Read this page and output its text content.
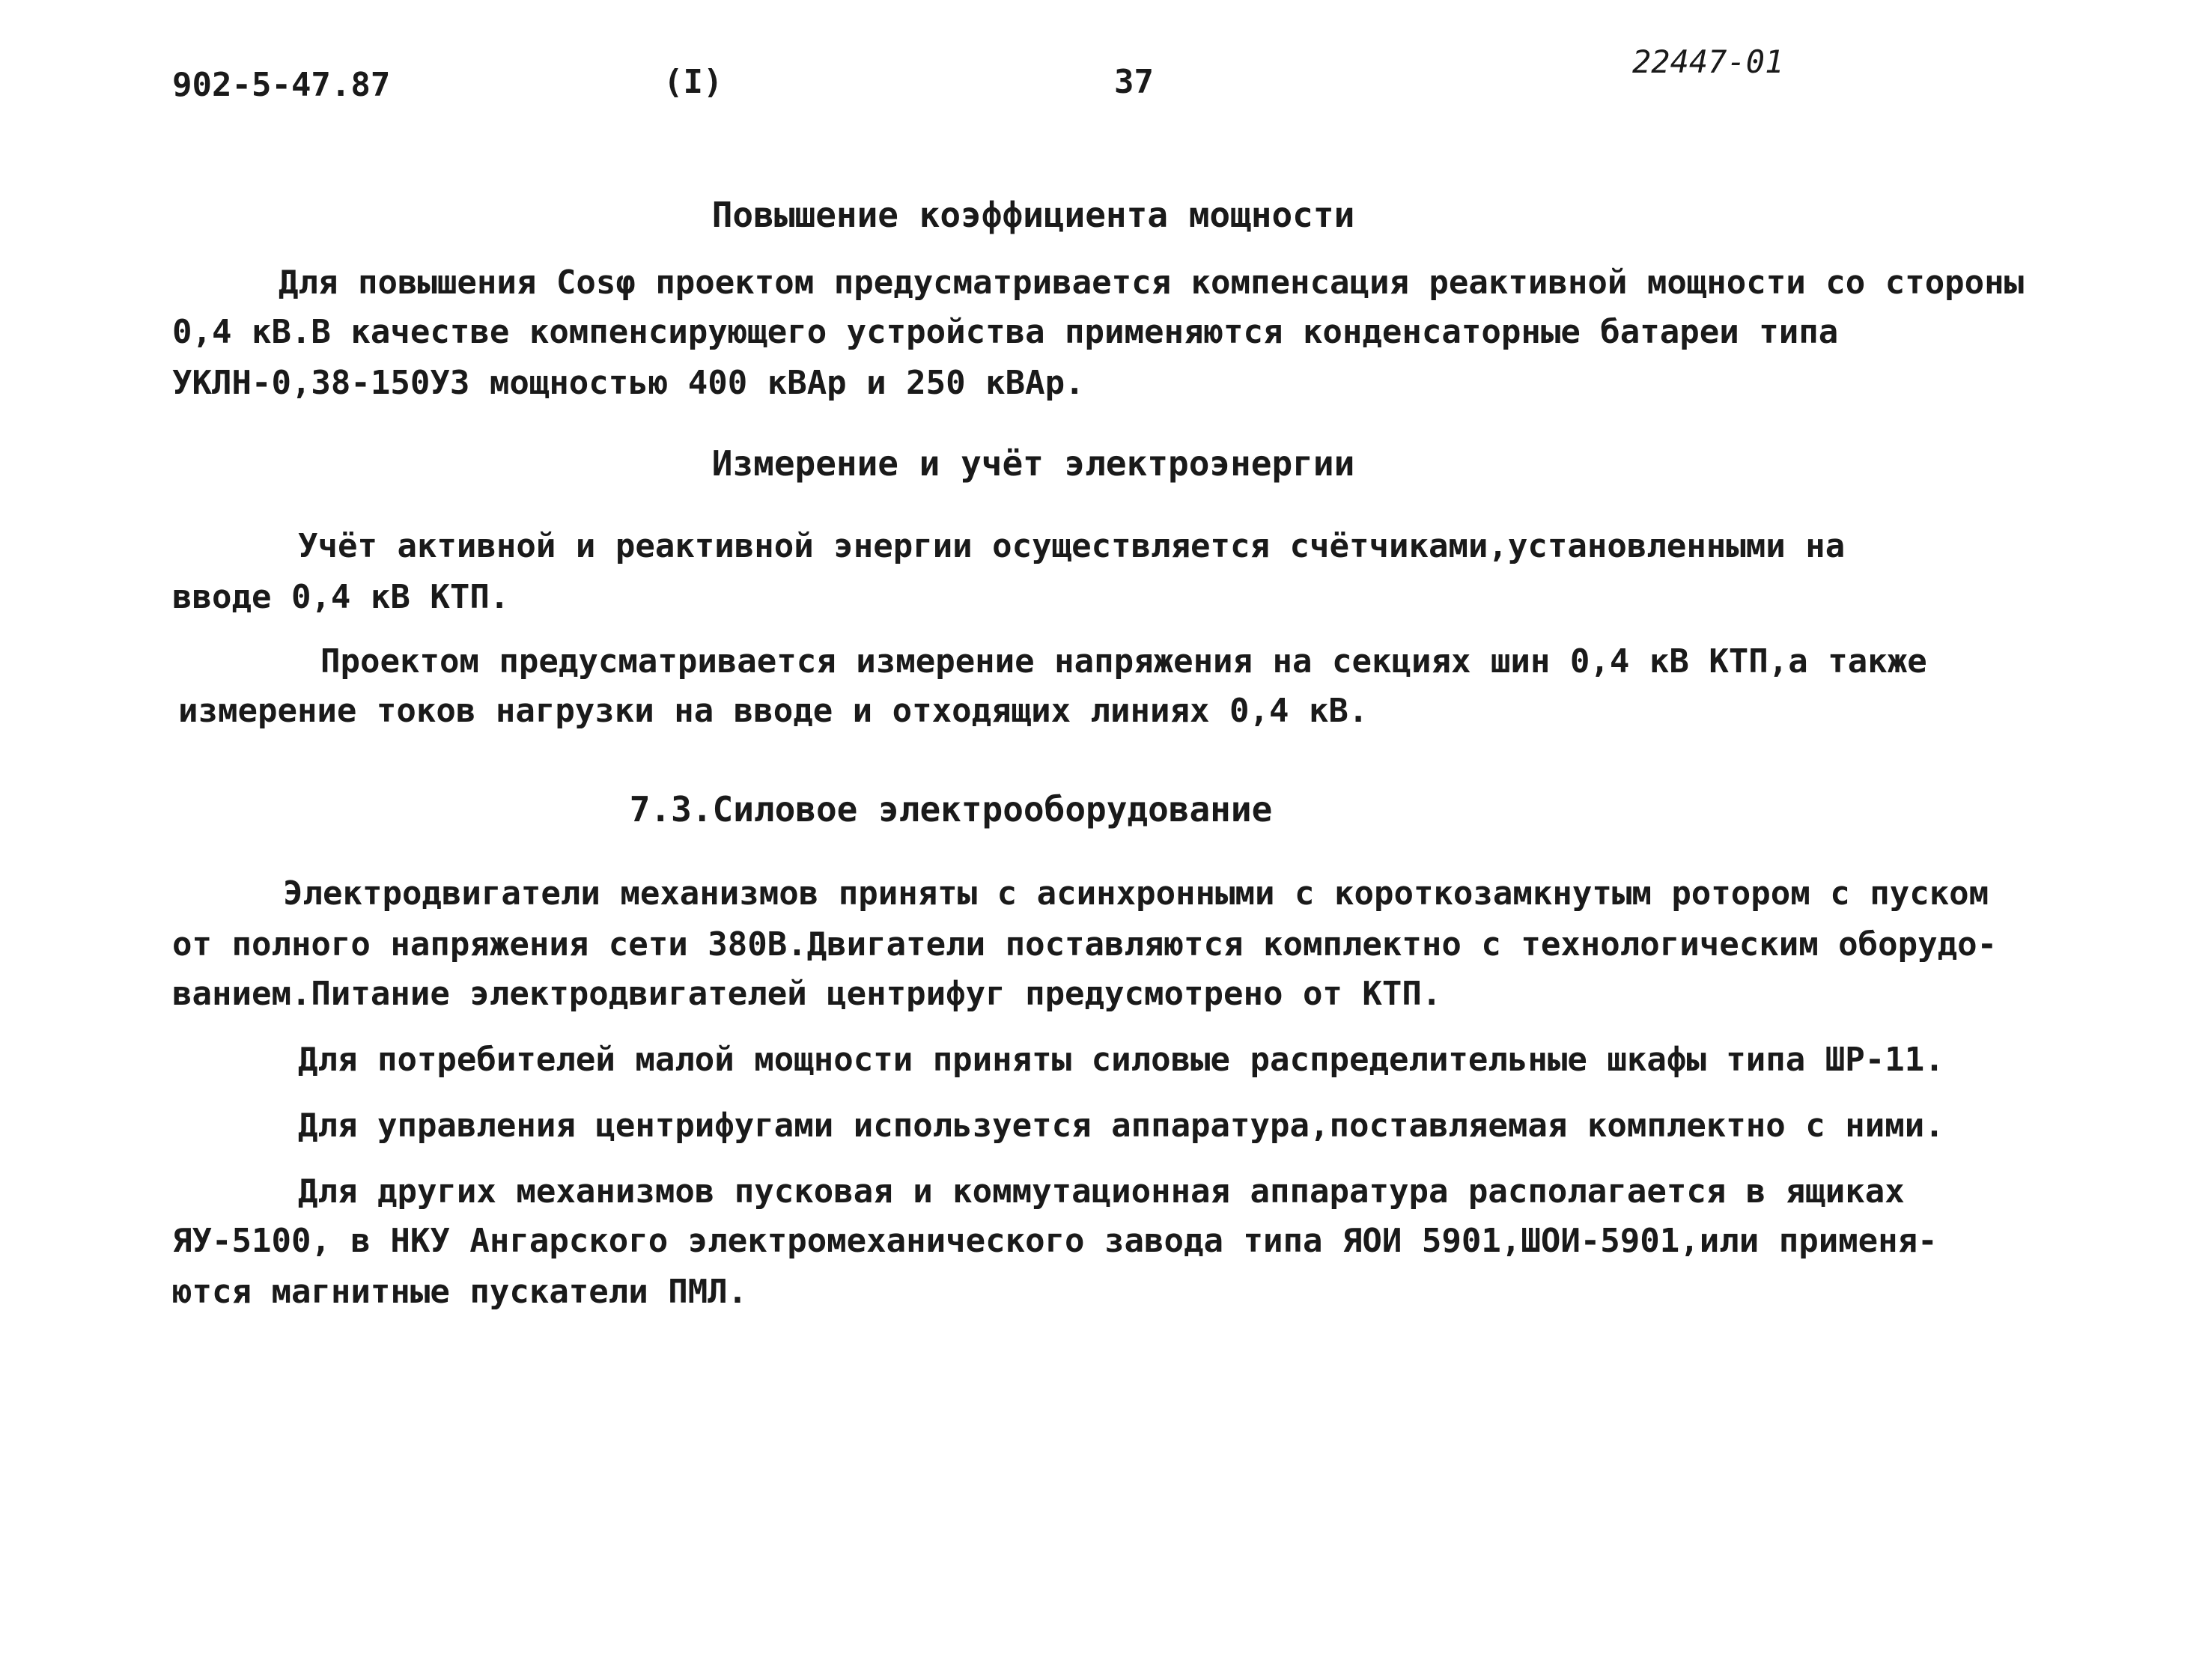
902-5-47.87	(I)	37
22447-01
Повышение коэффициента мощности
Для повышения Cosφ проектом предусматривается компенсация реактивной мощности со стороны
0,4 кВ.В качестве компенсирующего устройства применяются конденсаторные батареи типа
УКЛН-0,38-150УЗ мощностью 400 кВАр и 250 кВАр.
Измерение и учёт электроэнергии
Учёт активной и реактивной энергии осуществляется счётчиками,установленными на
вводе 0,4 кВ КТП.
Проектом предусматривается измерение напряжения на секциях шин 0,4 кВ КТП,а также
измерение токов нагрузки на вводе и отходящих линиях 0,4 кВ.
7.3.Силовое электрооборудование
Электродвигатели механизмов приняты с асинхронными с короткозамкнутым ротором с пуском
от полного напряжения сети 380В.Двигатели поставляются комплектно с технологическим оборудо-
ванием.Питание электродвигателей центрифуг предусмотрено от КТП.
Для потребителей малой мощности приняты силовые распределительные шкафы типа ШР-11.
Для управления центрифугами используется аппаратура,поставляемая комплектно с ними.
Для других механизмов пусковая и коммутационная аппаратура располагается в ящиках
ЯУ-5100, в НКУ Ангарского электромеханического завода типа ЯОИ 5901,ШОИ-5901,или применя-
ются магнитные пускатели ПМЛ.
